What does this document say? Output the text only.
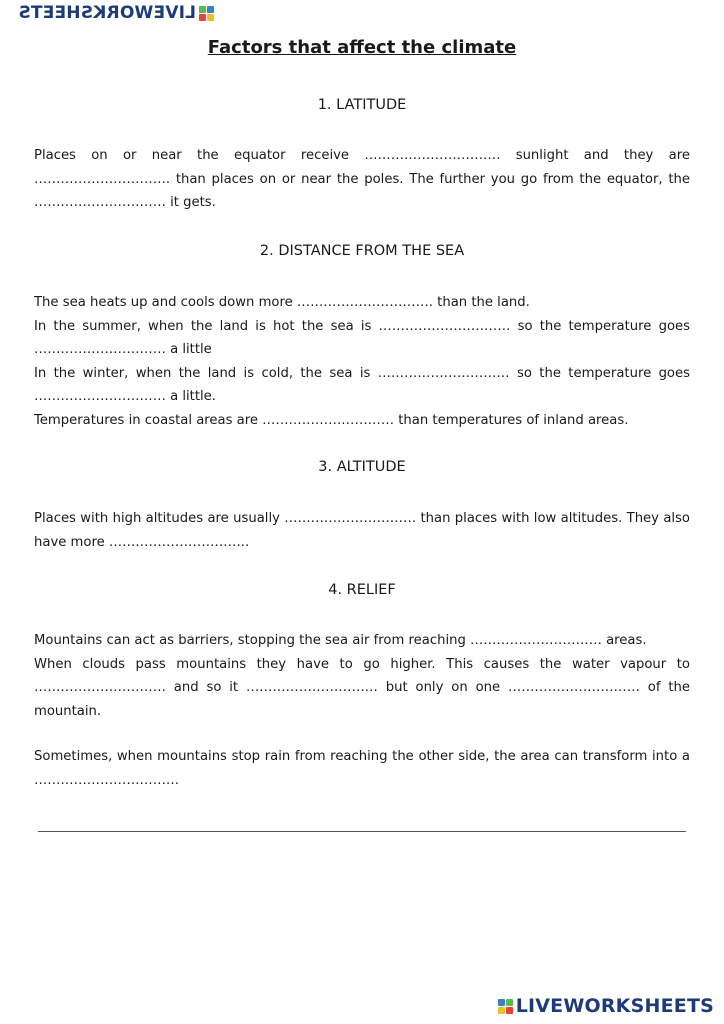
LIVEWORKSHEETS
Factors that affect the climate
1. LATITUDE

Places on or near the equator receive …………………………. sunlight and they are …………………………. than places on or near the poles. The further you go from the equator, the ………………………… it gets.

2. DISTANCE FROM THE SEA

The sea heats up and cools down more …………………………. than the land.

In the summer, when the land is hot the sea is ………………………… so the temperature goes ………………………… a little

In the winter, when the land is cold, the sea is ………………………… so the temperature goes ………………………… a little.

Temperatures in coastal areas are ………………………… than temperatures of inland areas.

3. ALTITUDE

Places with high altitudes are usually ………………………… than places with low altitudes. They also have more …………………………..

4. RELIEF

Mountains can act as barriers, stopping the sea air from reaching ………………………… areas.

When clouds pass mountains they have to go higher. This causes the water vapour to ………………………… and so it ………………………… but only on one ………………………… of the mountain.

Sometimes, when mountains stop rain from reaching the other side, the area can transform into a ……………………………

LIVEWORKSHEETS
